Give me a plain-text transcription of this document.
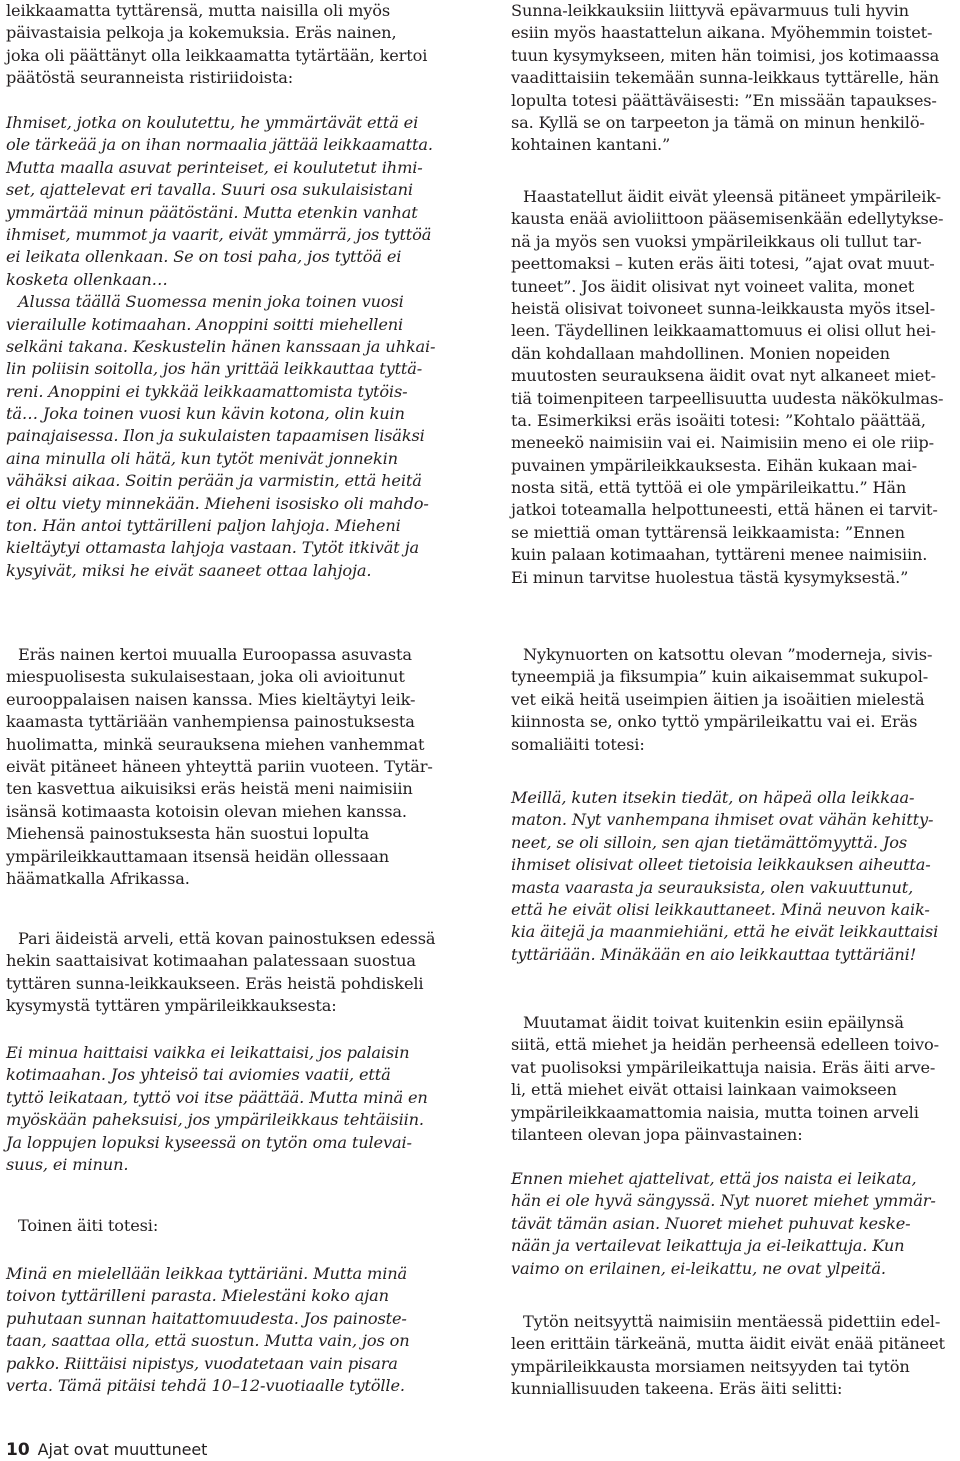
leikkaamatta tyttärensä, mutta naisilla oli myös
päivastaisia pelkoja ja kokemuksia. Eräs nainen,
joka oli päättänyt olla leikkaamatta tytärtään, kertoi
päätöstä seuranneista ristiriidoista:
Ihmiset, jotka on koulutettu, he ymmärtävät että ei
ole tärkeää ja on ihan normaalia jättää leikkaamatta.
Mutta maalla asuvat perinteiset, ei koulutetut ihmi-
set, ajattelevat eri tavalla. Suuri osa sukulaisistani
ymmärtää minun päätöstäni. Mutta etenkin vanhat
ihmiset, mummot ja vaarit, eivät ymmärrä, jos tyttöä
ei leikata ollenkaan. Se on tosi paha, jos tyttöä ei
kosketa ollenkaan…
Alussa täällä Suomessa menin joka toinen vuosi
vierailulle kotimaahan. Anoppini soitti miehelleni
selkäni takana. Keskustelin hänen kanssaan ja uhkai-
lin poliisin soitolla, jos hän yrittää leikkauttaa tyttä-
reni. Anoppini ei tykkää leikkaamattomista tytöis-
tä… Joka toinen vuosi kun kävin kotona, olin kuin
painajaisessa. Ilon ja sukulaisten tapaamisen lisäksi
aina minulla oli hätä, kun tytöt menivät jonnekin
vähäksi aikaa. Soitin perään ja varmistin, että heitä
ei oltu viety minnekään. Mieheni isosisko oli mahdo-
ton. Hän antoi tyttärilleni paljon lahjoja. Mieheni
kieltäytyi ottamasta lahjoja vastaan. Tytöt itkivät ja
kysyivät, miksi he eivät saaneet ottaa lahjoja.
Eräs nainen kertoi muualla Euroopassa asuvasta
miespuolisesta sukulaisestaan, joka oli avioitunut
eurooppalaisen naisen kanssa. Mies kieltäytyi leik-
kaamasta tyttäriään vanhempiensa painostuksesta
huolimatta, minkä seurauksena miehen vanhemmat
eivät pitäneet häneen yhteyttä pariin vuoteen. Tytär-
ten kasvettua aikuisiksi eräs heistä meni naimisiin
isänsä kotimaasta kotoisin olevan miehen kanssa.
Miehensä painostuksesta hän suostui lopulta
ympärileikkauttamaan itsensä heidän ollessaan
häämatkalla Afrikassa.
Pari äideistä arveli, että kovan painostuksen edessä
hekin saattaisivat kotimaahan palatessaan suostua
tyttären sunna-leikkaukseen. Eräs heistä pohdiskeli
kysymystä tyttären ympärileikkauksesta:
Ei minua haittaisi vaikka ei leikattaisi, jos palaisin
kotimaahan. Jos yhteisö tai aviomies vaatii, että
tyttö leikataan, tyttö voi itse päättää. Mutta minä en
myöskään paheksuisi, jos ympärileikkaus tehtäisiin.
Ja loppujen lopuksi kyseessä on tytön oma tulevai-
suus, ei minun.
Toinen äiti totesi:
Minä en mielellään leikkaa tyttäriäni. Mutta minä
toivon tyttärilleni parasta. Mielestäni koko ajan
puhutaan sunnan haitattomuudesta. Jos painoste-
taan, saattaa olla, että suostun. Mutta vain, jos on
pakko. Riittäisi nipistys, vuodatetaan vain pisara
verta. Tämä pitäisi tehdä 10–12-vuotiaalle tytölle.
Sunna-leikkauksiin liittyvä epävarmuus tuli hyvin
esiin myös haastattelun aikana. Myöhemmin toistet-
tuun kysymykseen, miten hän toimisi, jos kotimaassa
vaadittaisiin tekemään sunna-leikkaus tyttärelle, hän
lopulta totesi päättäväisesti: ”En missään tapaukses-
sa. Kyllä se on tarpeeton ja tämä on minun henkilö-
kohtainen kantani.”
Haastatellut äidit eivät yleensä pitäneet ympärileik-
kausta enää avioliittoon pääsemisenkään edellytykse-
nä ja myös sen vuoksi ympärileikkaus oli tullut tar-
peettomaksi – kuten eräs äiti totesi, ”ajat ovat muut-
tuneet”. Jos äidit olisivat nyt voineet valita, monet
heistä olisivat toivoneet sunna-leikkausta myös itsel-
leen. Täydellinen leikkaamattomuus ei olisi ollut hei-
dän kohdallaan mahdollinen. Monien nopeiden
muutosten seurauksena äidit ovat nyt alkaneet miet-
tiä toimenpiteen tarpeellisuutta uudesta näkökulmas-
ta. Esimerkiksi eräs isoäiti totesi: ”Kohtalo päättää,
meneekö naimisiin vai ei. Naimisiin meno ei ole riip-
puvainen ympärileikkauksesta. Eihän kukaan mai-
nosta sitä, että tyttöä ei ole ympärileikattu.” Hän
jatkoi toteamalla helpottuneesti, että hänen ei tarvit-
se miettiä oman tyttärensä leikkaamista: ”Ennen
kuin palaan kotimaahan, tyttäreni menee naimisiin.
Ei minun tarvitse huolestua tästä kysymyksestä.”
Nykynuorten on katsottu olevan ”moderneja, sivis-
tyneempiä ja fiksumpia” kuin aikaisemmat sukupol-
vet eikä heitä useimpien äitien ja isoäitien mielestä
kiinnosta se, onko tyttö ympärileikattu vai ei. Eräs
somaliäiti totesi:
Meillä, kuten itsekin tiedät, on häpeä olla leikkaa-
maton. Nyt vanhempana ihmiset ovat vähän kehitty-
neet, se oli silloin, sen ajan tietämättömyyttä. Jos
ihmiset olisivat olleet tietoisia leikkauksen aiheutta-
masta vaarasta ja seurauksista, olen vakuuttunut,
että he eivät olisi leikkauttaneet. Minä neuvon kaik-
kia äitejä ja maanmiehiäni, että he eivät leikkauttaisi
tyttäriään. Minäkään en aio leikkauttaa tyttäriäni!
Muutamat äidit toivat kuitenkin esiin epäilynsä
siitä, että miehet ja heidän perheensä edelleen toivo-
vat puolisoksi ympärileikattuja naisia. Eräs äiti arve-
li, että miehet eivät ottaisi lainkaan vaimokseen
ympärileikkaamattomia naisia, mutta toinen arveli
tilanteen olevan jopa päinvastainen:
Ennen miehet ajattelivat, että jos naista ei leikata,
hän ei ole hyvä sängyssä. Nyt nuoret miehet ymmär-
tävät tämän asian. Nuoret miehet puhuvat keske-
nään ja vertailevat leikattuja ja ei-leikattuja. Kun
vaimo on erilainen, ei-leikattu, ne ovat ylpeitä.
Tytön neitsyyttä naimisiin mentäessä pidettiin edel-
leen erittäin tärkeänä, mutta äidit eivät enää pitäneet
ympärileikkausta morsiamen neitsyyden tai tytön
kunniallisuuden takeena. Eräs äiti selitti:
10 Ajat ovat muuttuneet
